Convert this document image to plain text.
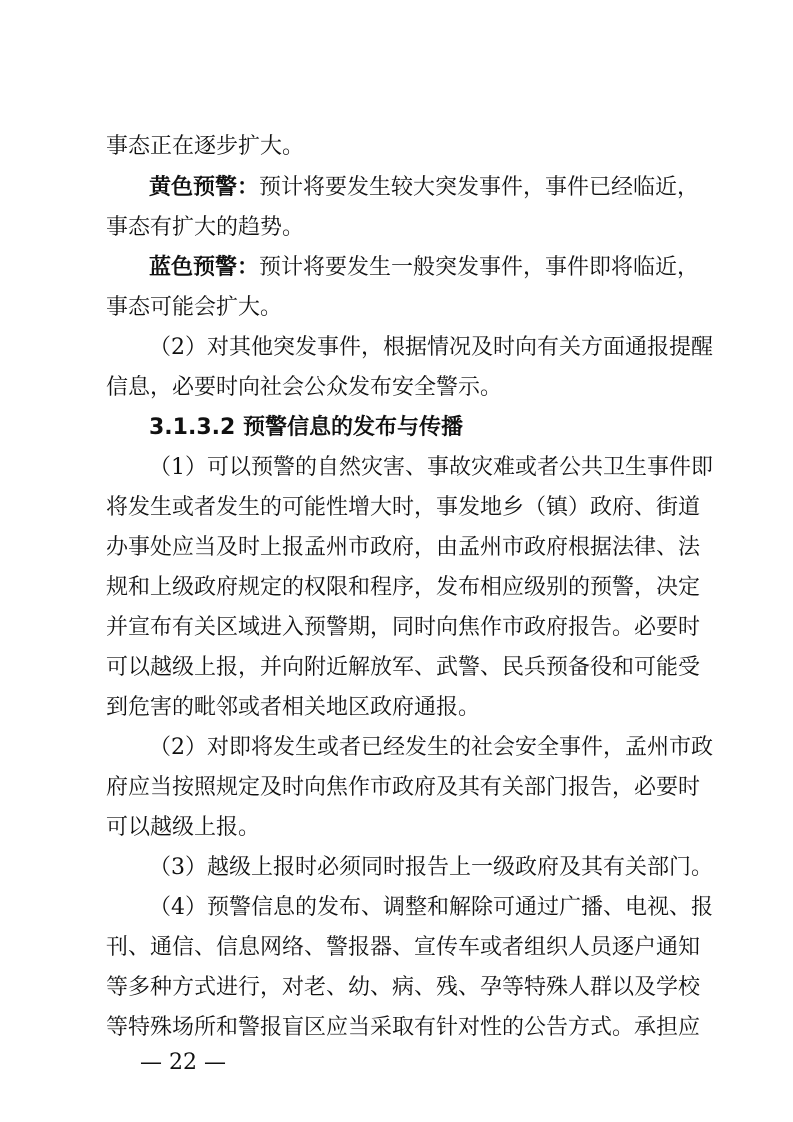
事态正在逐步扩大。
黄色预警：预计将要发生较大突发事件，事件已经临近，
事态有扩大的趋势。
蓝色预警：预计将要发生一般突发事件，事件即将临近，
事态可能会扩大。
（2）对其他突发事件，根据情况及时向有关方面通报提醒
信息，必要时向社会公众发布安全警示。
3.1.3.2 预警信息的发布与传播
（1）可以预警的自然灾害、事故灾难或者公共卫生事件即
将发生或者发生的可能性增大时，事发地乡（镇）政府、街道
办事处应当及时上报孟州市政府，由孟州市政府根据法律、法
规和上级政府规定的权限和程序，发布相应级别的预警，决定
并宣布有关区域进入预警期，同时向焦作市政府报告。必要时
可以越级上报，并向附近解放军、武警、民兵预备役和可能受
到危害的毗邻或者相关地区政府通报。
（2）对即将发生或者已经发生的社会安全事件，孟州市政
府应当按照规定及时向焦作市政府及其有关部门报告，必要时
可以越级上报。
（3）越级上报时必须同时报告上一级政府及其有关部门。
（4）预警信息的发布、调整和解除可通过广播、电视、报
刊、通信、信息网络、警报器、宣传车或者组织人员逐户通知
等多种方式进行，对老、幼、病、残、孕等特殊人群以及学校
等特殊场所和警报盲区应当采取有针对性的公告方式。承担应
— 22 —
